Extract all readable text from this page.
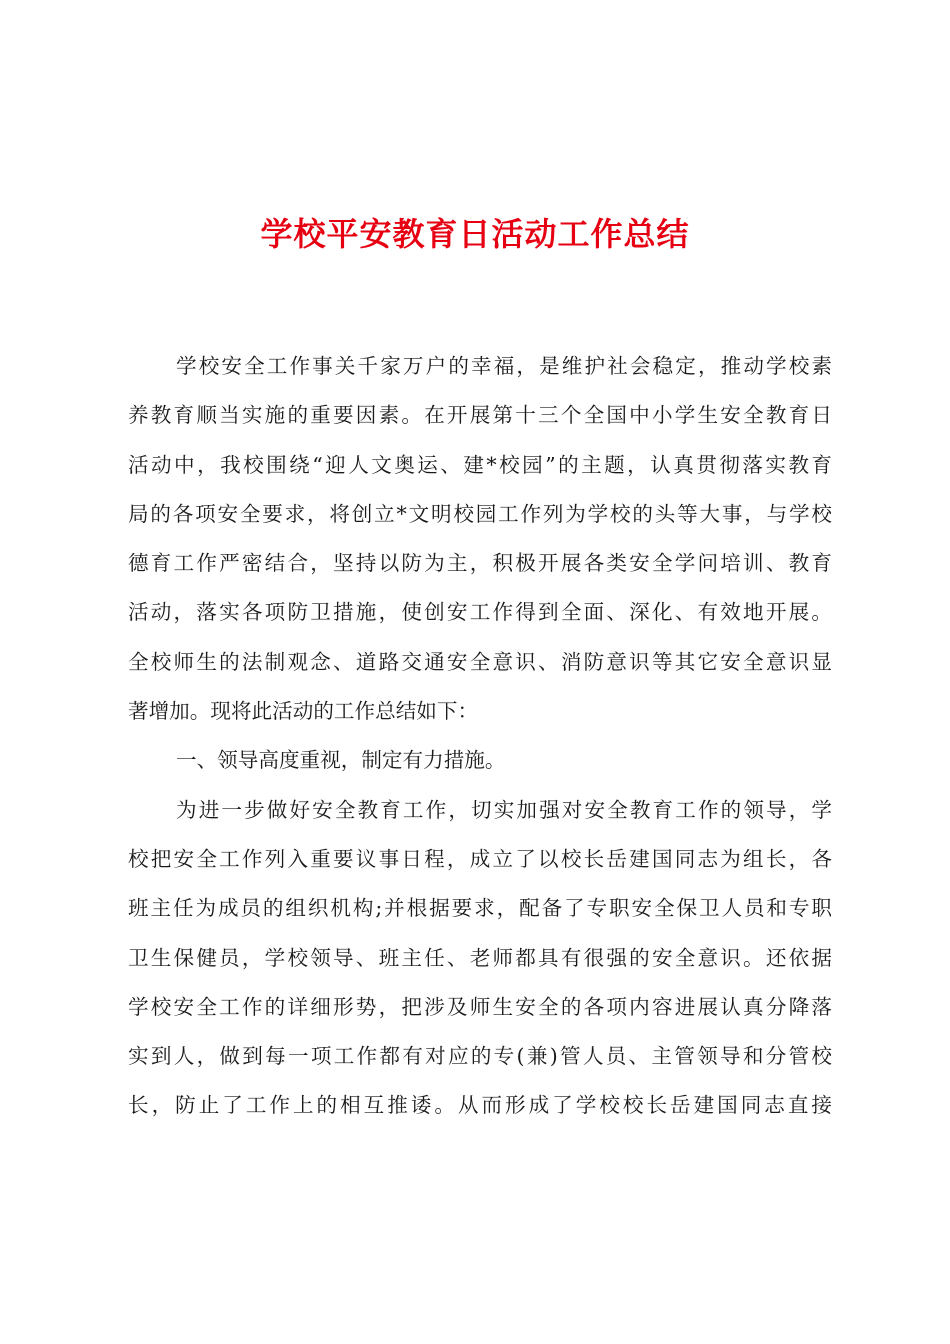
学校平安教育日活动工作总结
学校安全工作事关千家万户的幸福，是维护社会稳定，推动学校素
养教育顺当实施的重要因素。在开展第十三个全国中小学生安全教育日
活动中，我校围绕“迎人文奥运、建*校园”的主题，认真贯彻落实教育
局的各项安全要求，将创立*文明校园工作列为学校的头等大事，与学校
德育工作严密结合，坚持以防为主，积极开展各类安全学问培训、教育
活动，落实各项防卫措施，使创安工作得到全面、深化、有效地开展。
全校师生的法制观念、道路交通安全意识、消防意识等其它安全意识显
著增加。现将此活动的工作总结如下：
一、领导高度重视，制定有力措施。
为进一步做好安全教育工作，切实加强对安全教育工作的领导，学
校把安全工作列入重要议事日程，成立了以校长岳建国同志为组长，各
班主任为成员的组织机构;并根据要求，配备了专职安全保卫人员和专职
卫生保健员，学校领导、班主任、老师都具有很强的安全意识。还依据
学校安全工作的详细形势，把涉及师生安全的各项内容进展认真分降落
实到人，做到每一项工作都有对应的专(兼)管人员、主管领导和分管校
长，防止了工作上的相互推诿。从而形成了学校校长岳建国同志直接
